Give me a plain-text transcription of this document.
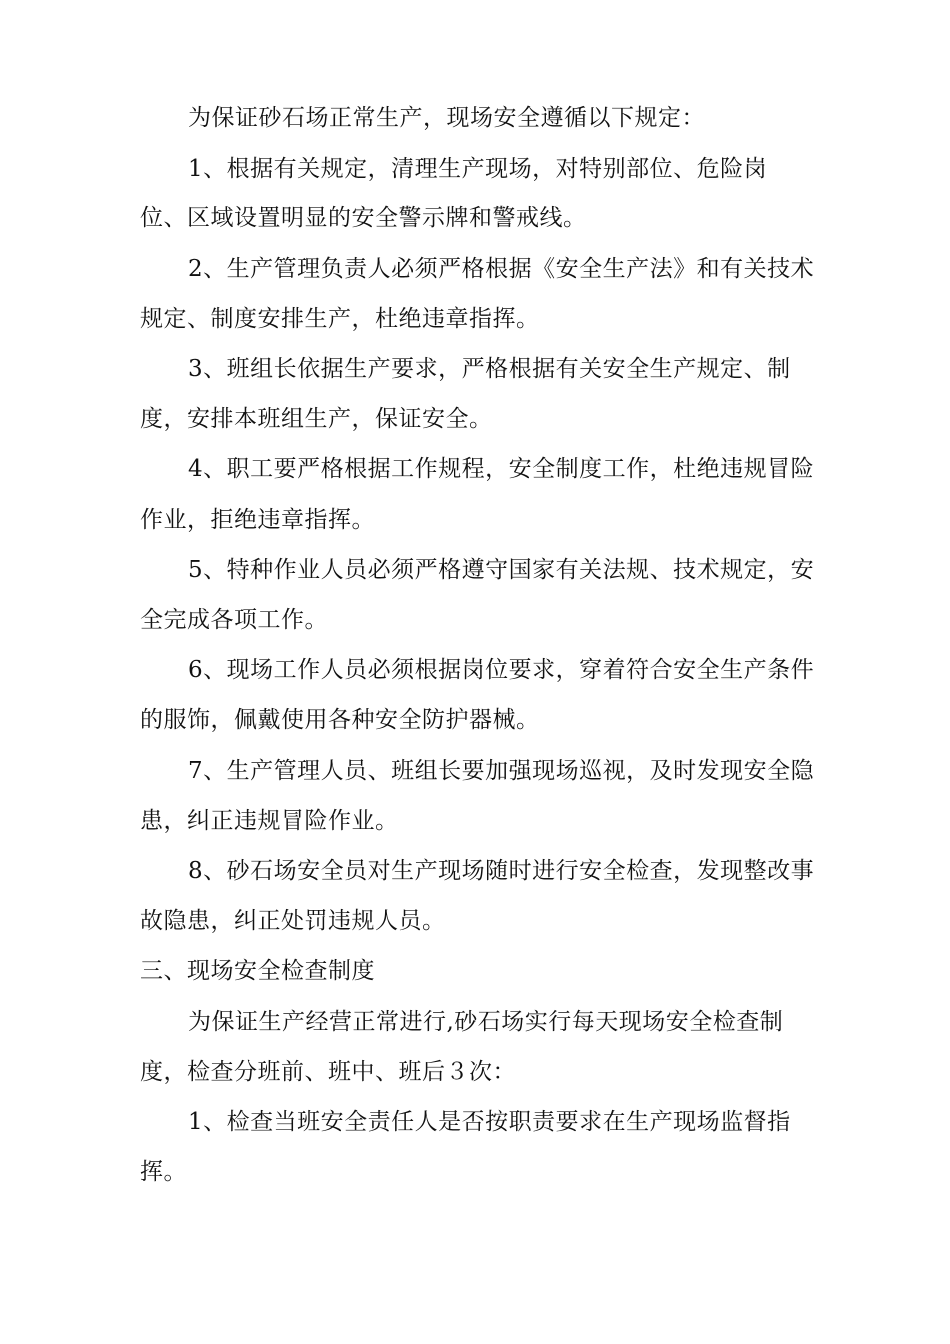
为保证砂石场正常生产，现场安全遵循以下规定：
1、根据有关规定，清理生产现场，对特别部位、危险岗
位、区域设置明显的安全警示牌和警戒线。
2、生产管理负责人必须严格根据《安全生产法》和有关技术
规定、制度安排生产，杜绝违章指挥。
3、班组长依据生产要求，严格根据有关安全生产规定、制
度，安排本班组生产，保证安全。
4、职工要严格根据工作规程，安全制度工作，杜绝违规冒险
作业，拒绝违章指挥。
5、特种作业人员必须严格遵守国家有关法规、技术规定，安
全完成各项工作。
6、现场工作人员必须根据岗位要求，穿着符合安全生产条件
的服饰，佩戴使用各种安全防护器械。
7、生产管理人员、班组长要加强现场巡视，及时发现安全隐
患，纠正违规冒险作业。
8、砂石场安全员对生产现场随时进行安全检查，发现整改事
故隐患，纠正处罚违规人员。
三、现场安全检查制度
为保证生产经营正常进行,砂石场实行每天现场安全检查制
度，检查分班前、班中、班后３次：
1、检查当班安全责任人是否按职责要求在生产现场监督指
挥。
